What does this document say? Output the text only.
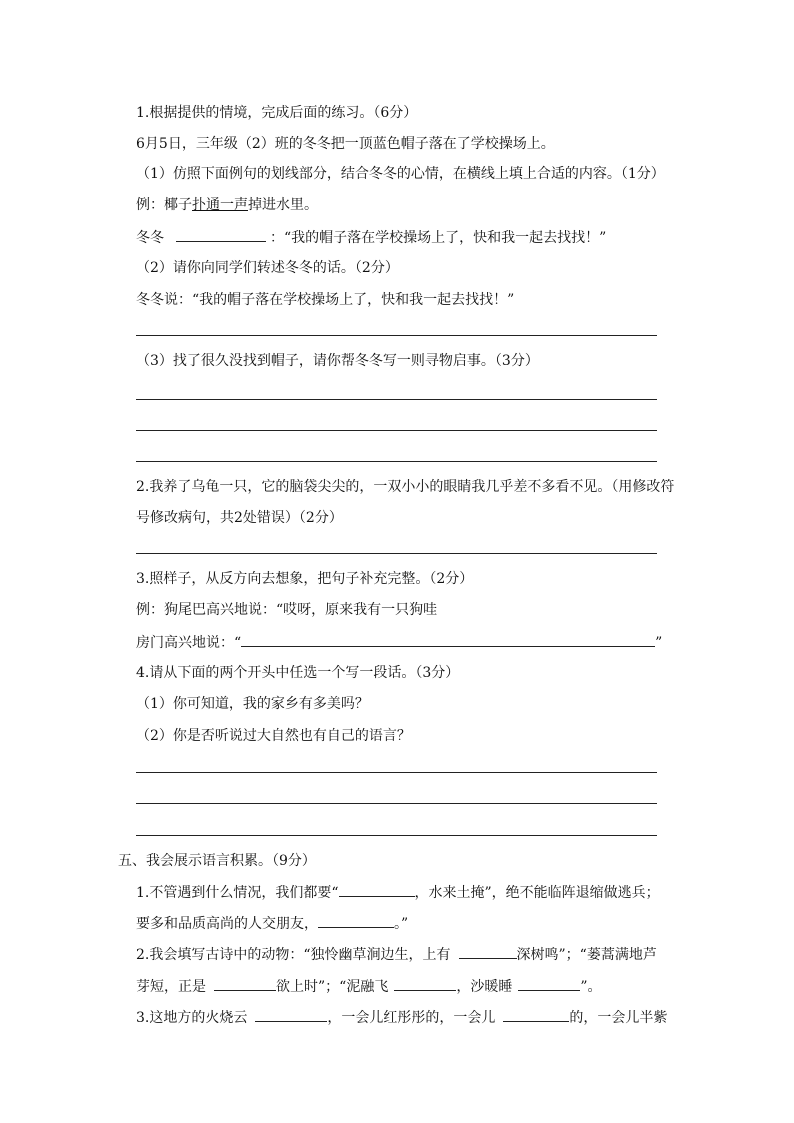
1.根据提供的情境，完成后面的练习。（6分）
6月5日，三年级（2）班的冬冬把一顶蓝色帽子落在了学校操场上。
（1）仿照下面例句的划线部分，结合冬冬的心情，在横线上填上合适的内容。（1分）
例：椰子扑通一声掉进水里。
冬冬	：“我的帽子落在学校操场上了，快和我一起去找找！”
（2）请你向同学们转述冬冬的话。（2分）
冬冬说：“我的帽子落在学校操场上了，快和我一起去找找！”
（3）找了很久没找到帽子，请你帮冬冬写一则寻物启事。（3分）
2.我养了乌龟一只，它的脑袋尖尖的，一双小小的眼睛我几乎差不多看不见。（用修改符
号修改病句，共2处错误）（2分）
3.照样子，从反方向去想象，把句子补充完整。（2分）
例：狗尾巴高兴地说：“哎呀，原来我有一只狗哇
房门高兴地说：“	”
4.请从下面的两个开头中任选一个写一段话。（3分）
（1）你可知道，我的家乡有多美吗？
（2）你是否听说过大自然也有自己的语言？
五、我会展示语言积累。（9分）
1.不管遇到什么情况，我们都要“	，水来土掩”，绝不能临阵退缩做逃兵；
要多和品质高尚的人交朋友，	。”
2.我会填写古诗中的动物：“独怜幽草涧边生，上有	深树鸣”；“蒌蒿满地芦
芽短，正是	欲上时”；“泥融飞	，沙暖睡	”。
3.这地方的火烧云	，一会儿红彤彤的，一会儿	的，一会儿半紫
